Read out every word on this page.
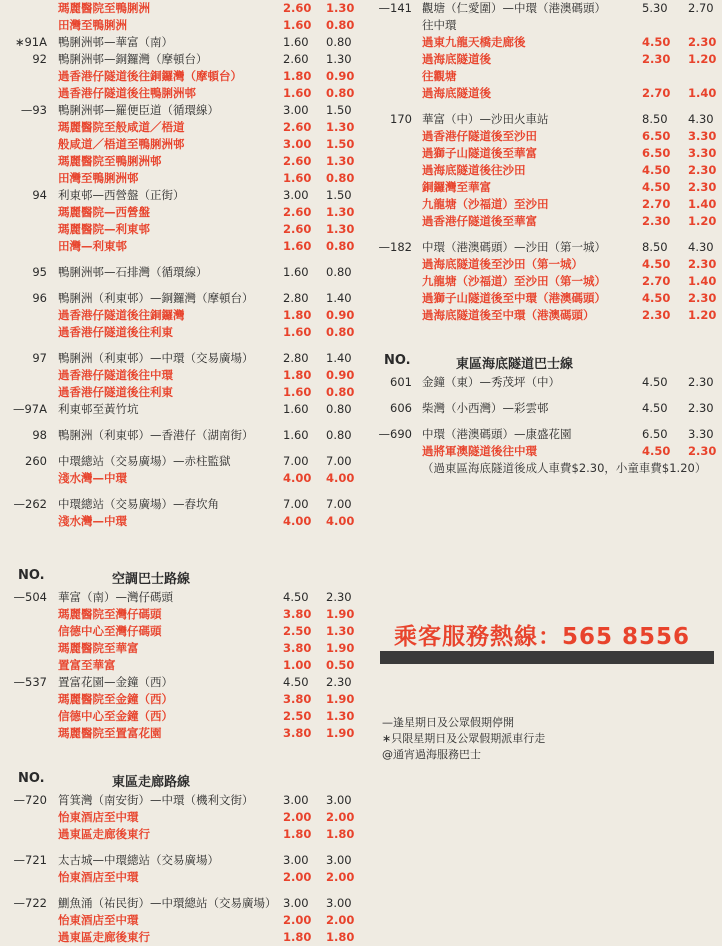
瑪麗醫院至鴨脷洲	2.60 1.30
田灣至鴨脷洲	1.60 0.80
∗91A 鴨脷洲邨—華富（南）	1.60 0.80
92 鴨脷洲邨—銅鑼灣（摩頓台）	2.60 1.30
過香港仔隧道後往銅鑼灣（摩頓台）	1.80 0.90
過香港仔隧道後往鴨脷洲邨	1.60 0.80
—93 鴨脷洲邨—羅便臣道（循環線）	3.00 1.50
瑪麗醫院至般咸道／梧道	2.60 1.30
般咸道／梧道至鴨脷洲邨	3.00 1.50
瑪麗醫院至鴨脷洲邨	2.60 1.30
田灣至鴨脷洲邨	1.60 0.80
94 利東邨—西營盤（正街）	3.00 1.50
瑪麗醫院—西營盤	2.60 1.30
瑪麗醫院—利東邨	2.60 1.30
田灣—利東邨	1.60 0.80
95 鴨脷洲邨—石排灣（循環線）	1.60 0.80
96 鴨脷洲（利東邨）—銅鑼灣（摩頓台）	2.80 1.40
過香港仔隧道後往銅鑼灣	1.80 0.90
過香港仔隧道後往利東	1.60 0.80
97 鴨脷洲（利東邨）—中環（交易廣場）	2.80 1.40
過香港仔隧道後往中環	1.80 0.90
過香港仔隧道後往利東	1.60 0.80
—97A 利東邨至黃竹坑	1.60 0.80
98 鴨脷洲（利東邨）—香港仔（湖南街）	1.60 0.80
260 中環總站（交易廣場）—赤柱監獄	7.00 7.00
淺水灣—中環	4.00 4.00
—262 中環總站（交易廣場）—舂坎角	7.00 7.00
淺水灣—中環	4.00 4.00
NO.	空調巴士路線
—504 華富（南）—灣仔碼頭	4.50 2.30
瑪麗醫院至灣仔碼頭	3.80 1.90
信德中心至灣仔碼頭	2.50 1.30
瑪麗醫院至華富	3.80 1.90
置富至華富	1.00 0.50
—537 置富花園—金鐘（西）	4.50 2.30
瑪麗醫院至金鐘（西）	3.80 1.90
信德中心至金鐘（西）	2.50 1.30
瑪麗醫院至置富花園	3.80 1.90
NO.	東區走廊路線
—720 筲箕灣（南安街）—中環（機利文街）	3.00 3.00
怡東酒店至中環	2.00 2.00
過東區走廊後東行	1.80 1.80
—721 太古城—中環總站（交易廣場）	3.00 3.00
怡東酒店至中環	2.00 2.00
—722 鰂魚涌（祐民街）—中環總站（交易廣場） 3.00 3.00
怡東酒店至中環	2.00 2.00
過東區走廊後東行	1.80 1.80
—141 觀塘（仁愛圍）—中環（港澳碼頭）	5.30 2.70
往中環
過東九龍天橋走廊後	4.50 2.30
過海底隧道後	2.30 1.20
往觀塘
過海底隧道後	2.70 1.40
170 華富（中）—沙田火車站	8.50 4.30
過香港仔隧道後至沙田	6.50 3.30
過獅子山隧道後至華富	6.50 3.30
過海底隧道後往沙田	4.50 2.30
銅鑼灣至華富	4.50 2.30
九龍塘（沙福道）至沙田	2.70 1.40
過香港仔隧道後至華富	2.30 1.20
—182 中環（港澳碼頭）—沙田（第一城）	8.50 4.30
過海底隧道後至沙田（第一城）	4.50 2.30
九龍塘（沙福道）至沙田（第一城）	2.70 1.40
過獅子山隧道後至中環（港澳碼頭）	4.50 2.30
過海底隧道後至中環（港澳碼頭）	2.30 1.20
NO.	東區海底隧道巴士線
601 金鐘（東）—秀茂坪（中）	4.50 2.30
606 柴灣（小西灣）—彩雲邨	4.50 2.30
—690 中環（港澳碼頭）—康盛花園	6.50 3.30
過將軍澳隧道後往中環	4.50 2.30
（過東區海底隧道後成人車費$2.30，小童車費$1.20）
乘客服務熱線：565 8556
—逢星期日及公眾假期停開
∗只限星期日及公眾假期派車行走
@通宵過海服務巴士
